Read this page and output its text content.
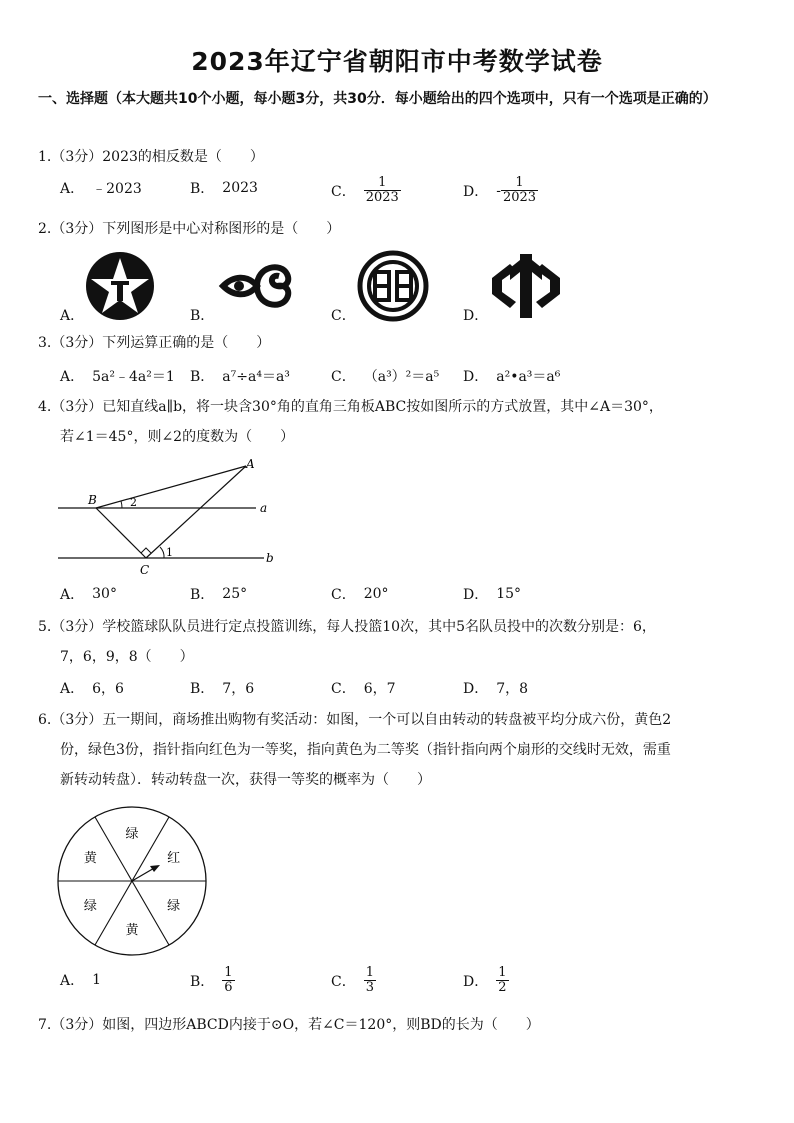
2023年辽宁省朝阳市中考数学试卷
一、选择题（本大题共10个小题，每小题3分，共30分．每小题给出的四个选项中，只有一个选项是正确的）
1.（3分）2023的相反数是（　　）
A． ﹣2023	B． 2023	C． $\frac{1}{2023}$	D． - $\frac{1}{2023}$
2.（3分）下列图形是中心对称图形的是（　　）
A．	B．	C．	D．
3.（3分）下列运算正确的是（　　）
A． 5a²﹣4a²＝1 B． a⁷÷a⁴＝a³	C． （a³）²＝a⁵ D． a²•a³＝a⁶
4.（3分）已知直线a∥b，将一块含30°角的直角三角板ABC按如图所示的方式放置，其中∠A＝30°，
若∠1＝45°，则∠2的度数为（　　）
A
B
C
a
b
1
2
A． 30°	B． 25°	C． 20°	D． 15°
5.（3分）学校篮球队队员进行定点投篮训练，每人投篮10次，其中5名队员投中的次数分别是：6，
7，6，9，8（　　）
A． 6，6	B． 7，6	C． 6，7	D． 7，8
6.（3分）五一期间，商场推出购物有奖活动：如图，一个可以自由转动的转盘被平均分成六份，黄色2
份，绿色3份，指针指向红色为一等奖，指向黄色为二等奖（指针指向两个扇形的交线时无效，需重
新转动转盘）．转动转盘一次，获得一等奖的概率为（　　）
绿
红
绿
黄
绿
黄
A． 1	B． $\frac{1}{6}$	C． $\frac{1}{3}$	D． $\frac{1}{2}$
7.（3分）如图，四边形ABCD内接于⊙O，若∠C＝120°，则BD的长为（　　）
